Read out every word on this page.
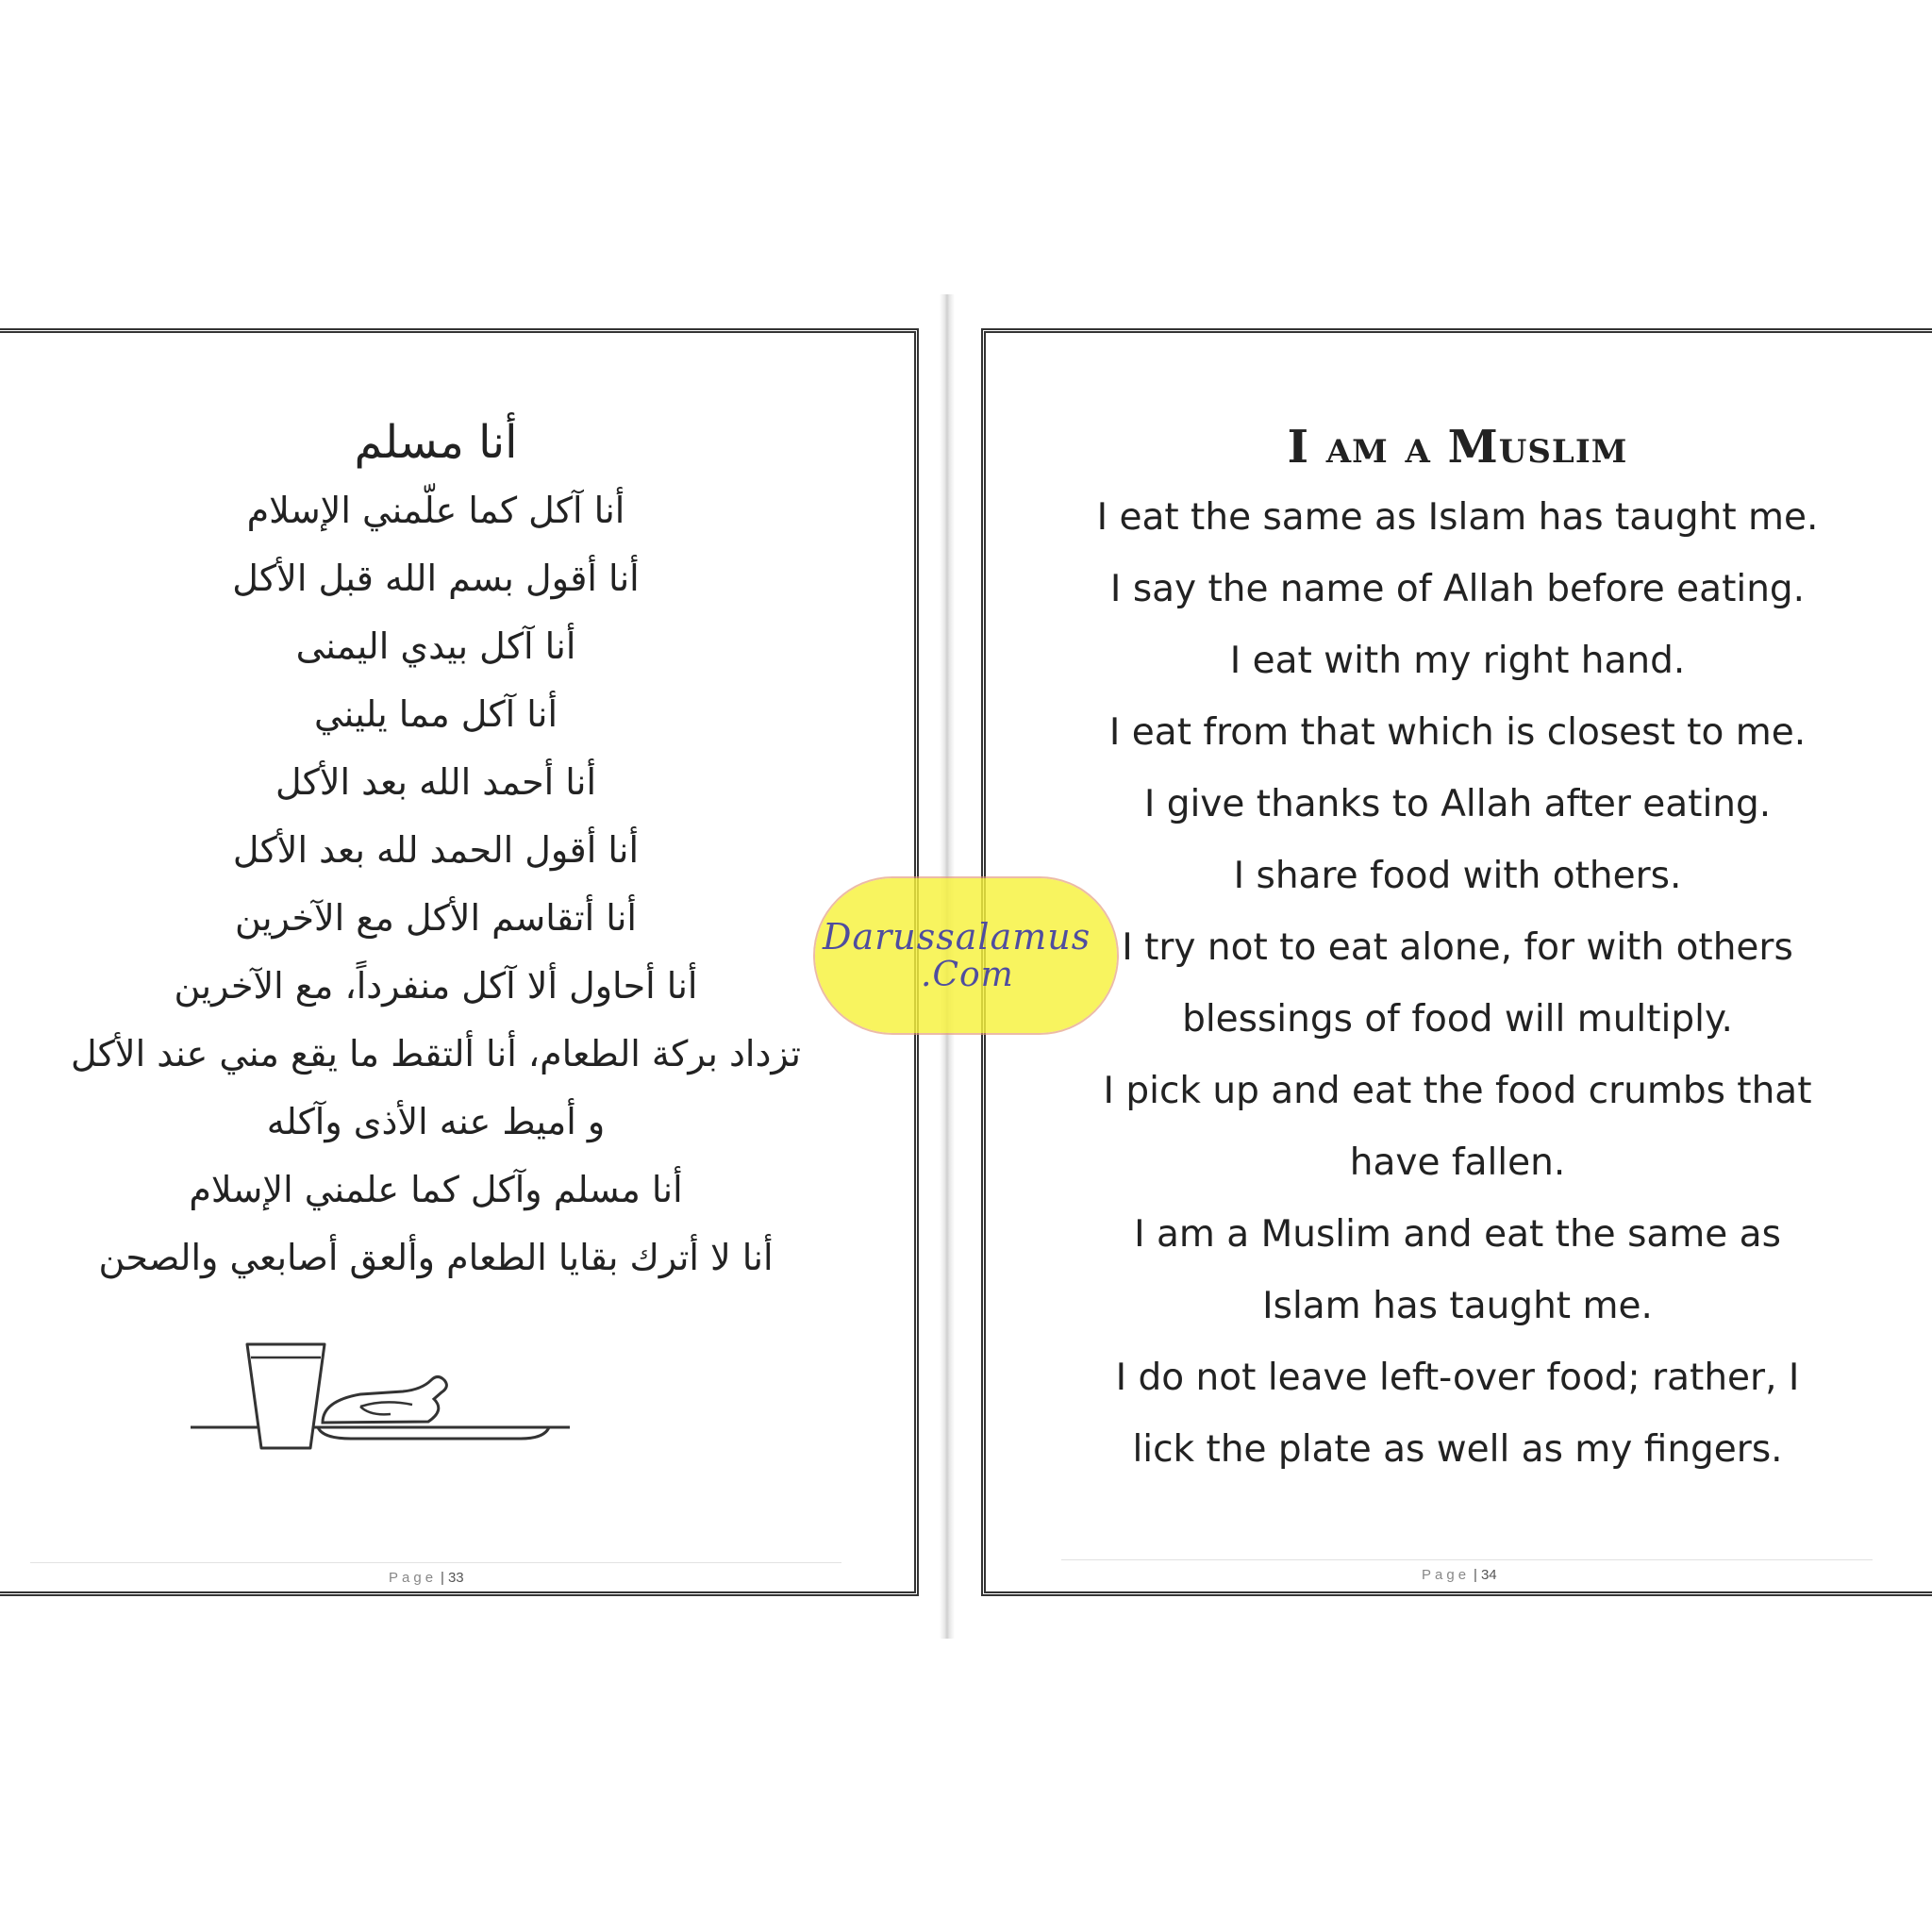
أنا مسلم
أنا آكل كما علّمني الإسلام
أنا أقول بسم الله قبل الأكل
أنا آكل بيدي اليمنى
أنا آكل مما يليني
أنا أحمد الله بعد الأكل
أنا أقول الحمد لله بعد الأكل
أنا أتقاسم الأكل مع الآخرين
أنا أحاول ألا آكل منفرداً، مع الآخرين
تزداد بركة الطعام، أنا ألتقط ما يقع مني عند الأكل
و أميط عنه الأذى وآكله
أنا مسلم وآكل كما علمني الإسلام
أنا لا أترك بقايا الطعام وألعق أصابعي والصحن
Page | 33
I am a Muslim
I eat the same as Islam has taught me.
I say the name of Allah before eating.
I eat with my right hand.
I eat from that which is closest to me.
I give thanks to Allah after eating.
I share food with others.
I try not to eat alone, for with others
blessings of food will multiply.
I pick up and eat the food crumbs that
have fallen.
I am a Muslim and eat the same as
Islam has taught me.
I do not leave left-over food; rather, I
lick the plate as well as my fingers.
Page | 34
Darussalamus
.Com
